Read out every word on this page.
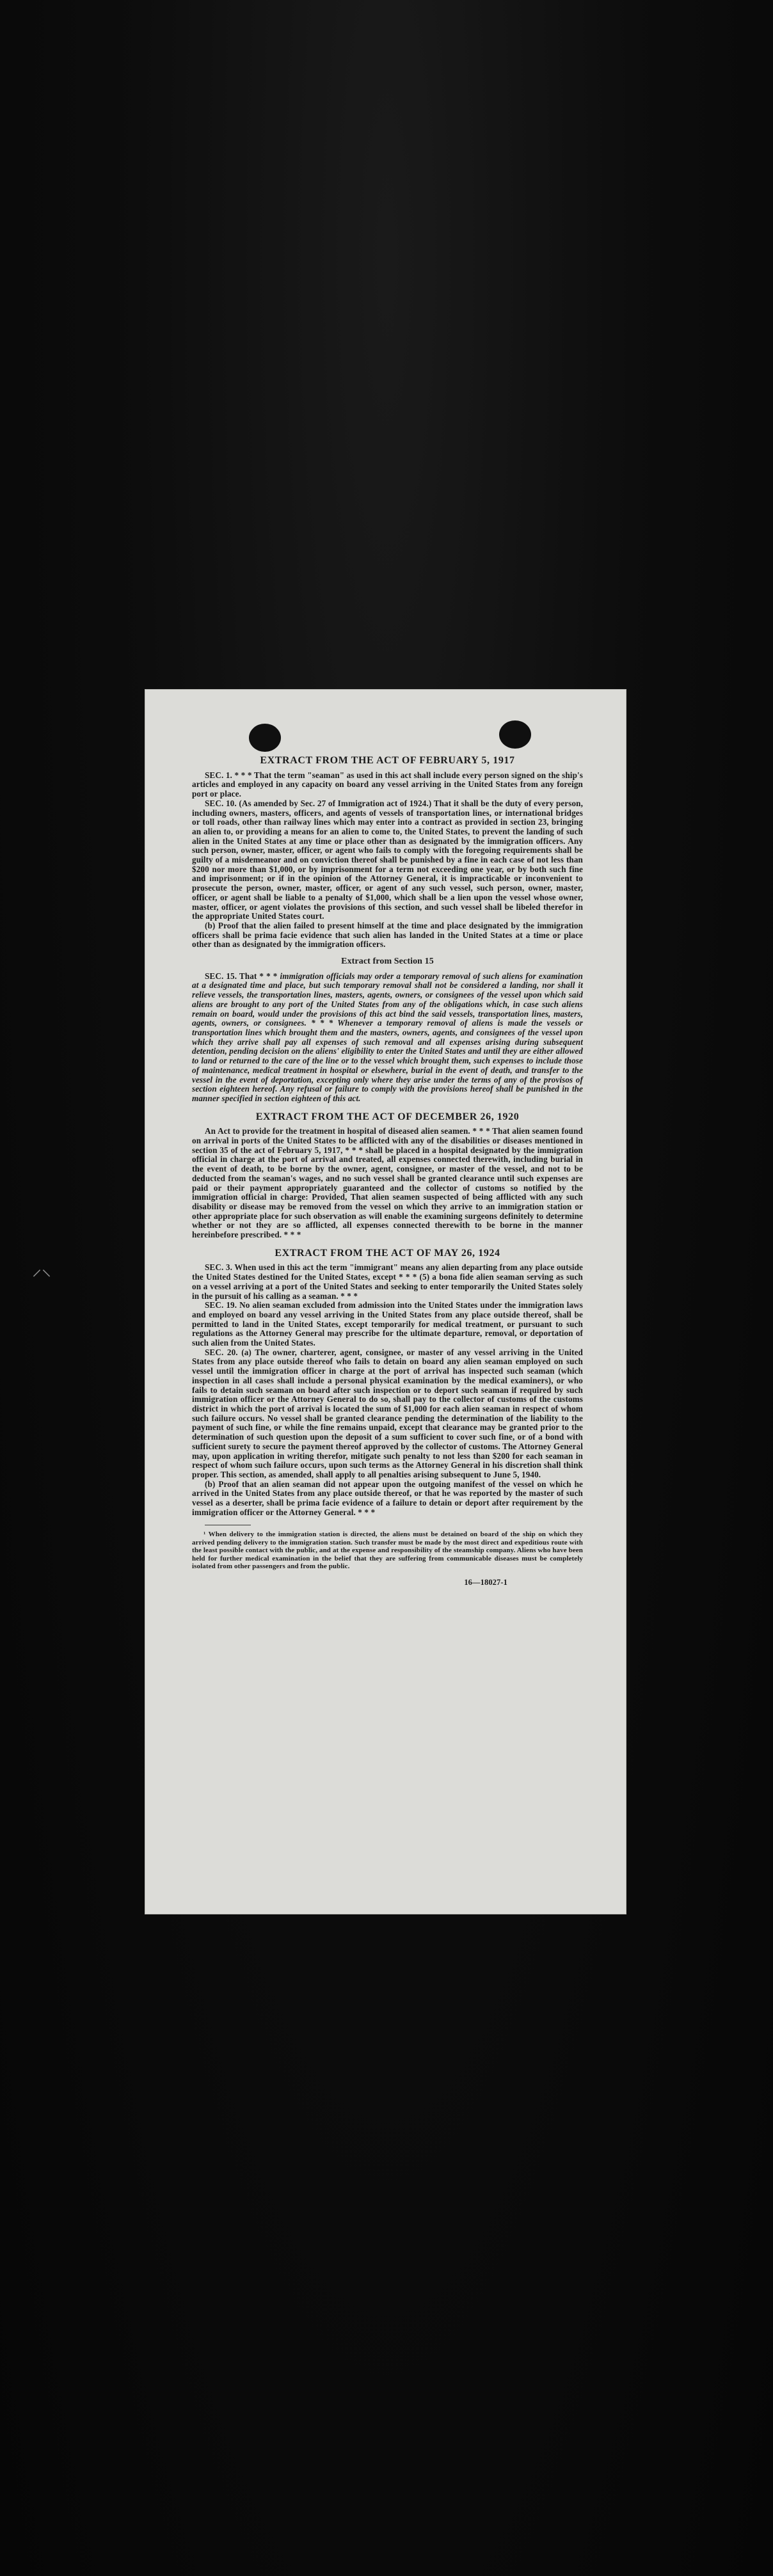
⸝⸜
EXTRACT FROM THE ACT OF FEBRUARY 5, 1917

SEC. 1. * * * That the term "seaman" as used in this act shall include every person signed on the ship's articles and employed in any capacity on board any vessel arriving in the United States from any foreign port or place.

SEC. 10. (As amended by Sec. 27 of Immigration act of 1924.) That it shall be the duty of every person, including owners, masters, officers, and agents of vessels of transportation lines, or international bridges or toll roads, other than railway lines which may enter into a contract as provided in section 23, bringing an alien to, or providing a means for an alien to come to, the United States, to prevent the landing of such alien in the United States at any time or place other than as designated by the immigration officers. Any such person, owner, master, officer, or agent who fails to comply with the foregoing requirements shall be guilty of a misdemeanor and on conviction thereof shall be punished by a fine in each case of not less than $200 nor more than $1,000, or by imprisonment for a term not exceeding one year, or by both such fine and imprisonment; or if in the opinion of the Attorney General, it is impracticable or inconvenient to prosecute the person, owner, master, officer, or agent of any such vessel, such person, owner, master, officer, or agent shall be liable to a penalty of $1,000, which shall be a lien upon the vessel whose owner, master, officer, or agent violates the provisions of this section, and such vessel shall be libeled therefor in the appropriate United States court.

(b) Proof that the alien failed to present himself at the time and place designated by the immigration officers shall be prima facie evidence that such alien has landed in the United States at a time or place other than as designated by the immigration officers.

Extract from Section 15

SEC. 15. That * * * immigration officials may order a temporary removal of such aliens for examination at a designated time and place, but such temporary removal shall not be considered a landing, nor shall it relieve vessels, the transportation lines, masters, agents, owners, or consignees of the vessel upon which said aliens are brought to any port of the United States from any of the obligations which, in case such aliens remain on board, would under the provisions of this act bind the said vessels, transportation lines, masters, agents, owners, or consignees. * * * Whenever a temporary removal of aliens is made the vessels or transportation lines which brought them and the masters, owners, agents, and consignees of the vessel upon which they arrive shall pay all expenses of such removal and all expenses arising during subsequent detention, pending decision on the aliens' eligibility to enter the United States and until they are either allowed to land or returned to the care of the line or to the vessel which brought them, such expenses to include those of maintenance, medical treatment in hospital or elsewhere, burial in the event of death, and transfer to the vessel in the event of deportation, excepting only where they arise under the terms of any of the provisos of section eighteen hereof. Any refusal or failure to comply with the provisions hereof shall be punished in the manner specified in section eighteen of this act.

EXTRACT FROM THE ACT OF DECEMBER 26, 1920

An Act to provide for the treatment in hospital of diseased alien seamen. * * * That alien seamen found on arrival in ports of the United States to be afflicted with any of the disabilities or diseases mentioned in section 35 of the act of February 5, 1917, * * * shall be placed in a hospital designated by the immigration official in charge at the port of arrival and treated, all expenses connected therewith, including burial in the event of death, to be borne by the owner, agent, consignee, or master of the vessel, and not to be deducted from the seaman's wages, and no such vessel shall be granted clearance until such expenses are paid or their payment appropriately guaranteed and the collector of customs so notified by the immigration official in charge: Provided, That alien seamen suspected of being afflicted with any such disability or disease may be removed from the vessel on which they arrive to an immigration station or other appropriate place for such observation as will enable the examining surgeons definitely to determine whether or not they are so afflicted, all expenses connected therewith to be borne in the manner hereinbefore prescribed. * * *

EXTRACT FROM THE ACT OF MAY 26, 1924

SEC. 3. When used in this act the term "immigrant" means any alien departing from any place outside the United States destined for the United States, except * * * (5) a bona fide alien seaman serving as such on a vessel arriving at a port of the United States and seeking to enter temporarily the United States solely in the pursuit of his calling as a seaman. * * *

SEC. 19. No alien seaman excluded from admission into the United States under the immigration laws and employed on board any vessel arriving in the United States from any place outside thereof, shall be permitted to land in the United States, except temporarily for medical treatment, or pursuant to such regulations as the Attorney General may prescribe for the ultimate departure, removal, or deportation of such alien from the United States.

SEC. 20. (a) The owner, charterer, agent, consignee, or master of any vessel arriving in the United States from any place outside thereof who fails to detain on board any alien seaman employed on such vessel until the immigration officer in charge at the port of arrival has inspected such seaman (which inspection in all cases shall include a personal physical examination by the medical examiners), or who fails to detain such seaman on board after such inspection or to deport such seaman if required by such immigration officer or the Attorney General to do so, shall pay to the collector of customs of the customs district in which the port of arrival is located the sum of $1,000 for each alien seaman in respect of whom such failure occurs. No vessel shall be granted clearance pending the determination of the liability to the payment of such fine, or while the fine remains unpaid, except that clearance may be granted prior to the determination of such question upon the deposit of a sum sufficient to cover such fine, or of a bond with sufficient surety to secure the payment thereof approved by the collector of customs. The Attorney General may, upon application in writing therefor, mitigate such penalty to not less than $200 for each seaman in respect of whom such failure occurs, upon such terms as the Attorney General in his discretion shall think proper. This section, as amended, shall apply to all penalties arising subsequent to June 5, 1940.

(b) Proof that an alien seaman did not appear upon the outgoing manifest of the vessel on which he arrived in the United States from any place outside thereof, or that he was reported by the master of such vessel as a deserter, shall be prima facie evidence of a failure to detain or deport after requirement by the immigration officer or the Attorney General. * * *

¹ When delivery to the immigration station is directed, the aliens must be detained on board of the ship on which they arrived pending delivery to the immigration station. Such transfer must be made by the most direct and expeditious route with the least possible contact with the public, and at the expense and responsibility of the steamship company. Aliens who have been held for further medical examination in the belief that they are suffering from communicable diseases must be completely isolated from other passengers and from the public.

16—18027-1
